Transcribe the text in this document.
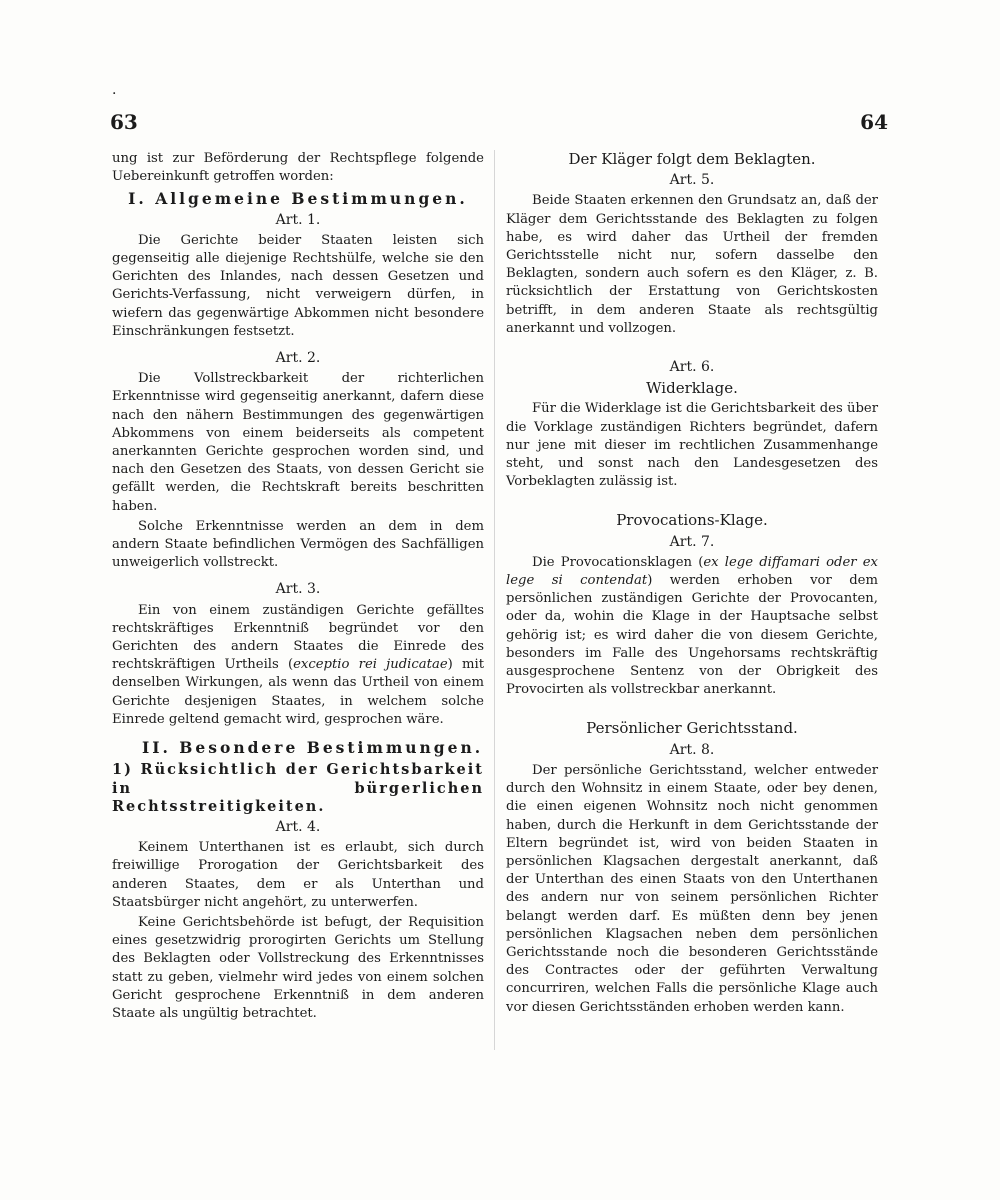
·
63	64

ung ist zur Beförderung der Rechtspflege folgende Uebereinkunft getroffen worden:

I. Allgemeine Bestimmungen.
Art. 1.

Die Gerichte beider Staaten leisten sich gegenseitig alle diejenige Rechtshülfe, welche sie den Gerichten des Inlandes, nach dessen Gesetzen und Gerichts-Verfassung, nicht verweigern dürfen, in wiefern das gegenwärtige Abkommen nicht besondere Einschränkungen festsetzt.

Art. 2.

Die Vollstreckbarkeit der richterlichen Erkenntnisse wird gegenseitig anerkannt, dafern diese nach den nähern Bestimmungen des gegenwärtigen Abkommens von einem beiderseits als competent anerkannten Gerichte gesprochen worden sind, und nach den Gesetzen des Staats, von dessen Gericht sie gefällt werden, die Rechtskraft bereits beschritten haben.

Solche Erkenntnisse werden an dem in dem andern Staate befindlichen Vermögen des Sachfälligen unweigerlich vollstreckt.

Art. 3.

Ein von einem zuständigen Gerichte gefälltes rechtskräftiges Erkenntniß begründet vor den Gerichten des andern Staates die Einrede des rechtskräftigen Urtheils (exceptio rei judicatae) mit denselben Wirkungen, als wenn das Urtheil von einem Gerichte desjenigen Staates, in welchem solche Einrede geltend gemacht wird, gesprochen wäre.

II. Besondere Bestimmungen.
1) Rücksichtlich der Gerichtsbarkeit in bürgerlichen Rechtsstreitigkeiten.
Art. 4.

Keinem Unterthanen ist es erlaubt, sich durch freiwillige Prorogation der Gerichtsbarkeit des anderen Staates, dem er als Unterthan und Staatsbürger nicht angehört, zu unterwerfen.

Keine Gerichtsbehörde ist befugt, der Requisition eines gesetzwidrig prorogirten Gerichts um Stellung des Beklagten oder Vollstreckung des Erkenntnisses statt zu geben, vielmehr wird jedes von einem solchen Gericht gesprochene Erkenntniß in dem anderen Staate als ungültig betrachtet.

Der Kläger folgt dem Beklagten.
Art. 5.

Beide Staaten erkennen den Grundsatz an, daß der Kläger dem Gerichtsstande des Beklagten zu folgen habe, es wird daher das Urtheil der fremden Gerichtsstelle nicht nur, sofern dasselbe den Beklagten, sondern auch sofern es den Kläger, z. B. rücksichtlich der Erstattung von Gerichtskosten betrifft, in dem anderen Staate als rechtsgültig anerkannt und vollzogen.

Art. 6.
Widerklage.

Für die Widerklage ist die Gerichtsbarkeit des über die Vorklage zuständigen Richters begründet, dafern nur jene mit dieser im rechtlichen Zusammenhange steht, und sonst nach den Landesgesetzen des Vorbeklagten zulässig ist.

Provocations-Klage.
Art. 7.

Die Provocationsklagen (ex lege diffamari oder ex lege si contendat) werden erhoben vor dem persönlichen zuständigen Gerichte der Provocanten, oder da, wohin die Klage in der Hauptsache selbst gehörig ist; es wird daher die von diesem Gerichte, besonders im Falle des Ungehorsams rechtskräftig ausgesprochene Sentenz von der Obrigkeit des Provocirten als vollstreckbar anerkannt.

Persönlicher Gerichtsstand.
Art. 8.

Der persönliche Gerichtsstand, welcher entweder durch den Wohnsitz in einem Staate, oder bey denen, die einen eigenen Wohnsitz noch nicht genommen haben, durch die Herkunft in dem Gerichtsstande der Eltern begründet ist, wird von beiden Staaten in persönlichen Klagsachen dergestalt anerkannt, daß der Unterthan des einen Staats von den Unterthanen des andern nur von seinem persönlichen Richter belangt werden darf. Es müßten denn bey jenen persönlichen Klagsachen neben dem persönlichen Gerichtsstande noch die besonderen Gerichtsstände des Contractes oder der geführten Verwaltung concurriren, welchen Falls die persönliche Klage auch vor diesen Gerichtsständen erhoben werden kann.
